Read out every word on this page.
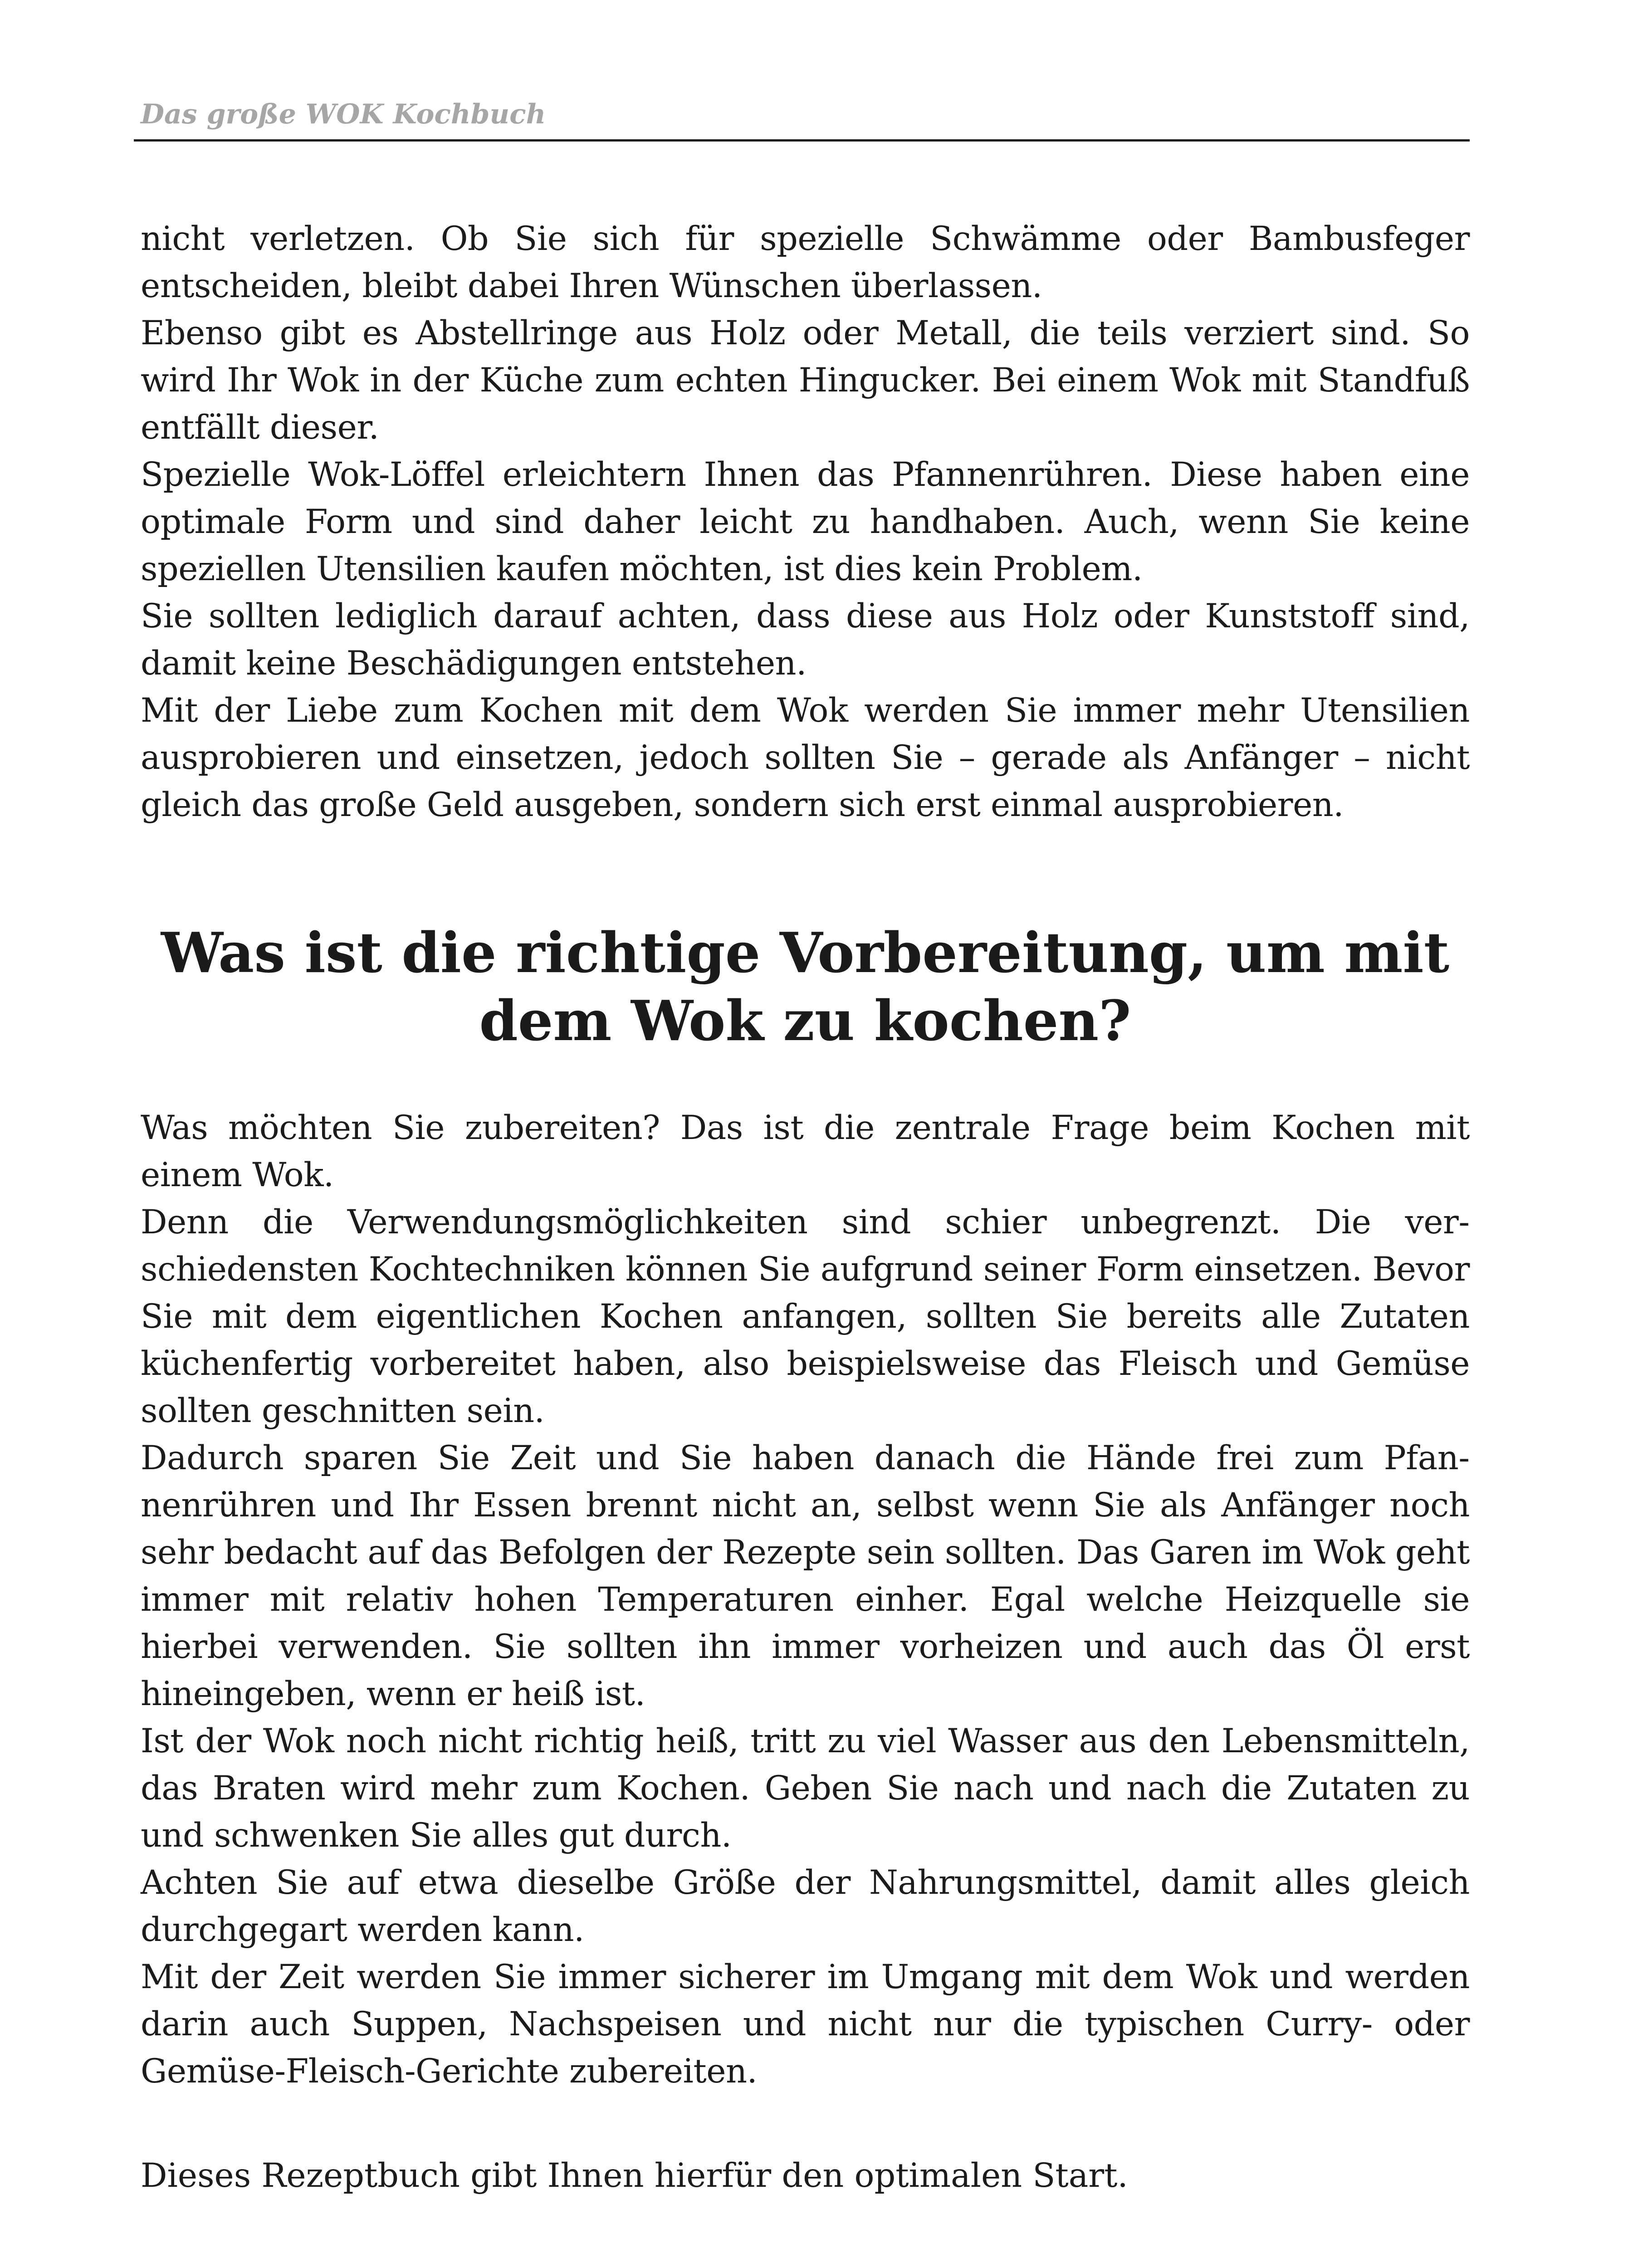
Das große WOK Kochbuch

nicht verletzen. Ob Sie sich für spezielle Schwämme oder Bambusfeger entscheiden, bleibt dabei Ihren Wünschen überlassen.

Ebenso gibt es Abstellringe aus Holz oder Metall, die teils verziert sind. So wird Ihr Wok in der Küche zum echten Hingucker. Bei einem Wok mit Standfuß entfällt dieser.

Spezielle Wok-Löffel erleichtern Ihnen das Pfannenrühren. Diese haben eine optimale Form und sind daher leicht zu handhaben. Auch, wenn Sie keine speziellen Utensilien kaufen möchten, ist dies kein Problem.

Sie sollten lediglich darauf achten, dass diese aus Holz oder Kunststoff sind, damit keine Beschädigungen entstehen.

Mit der Liebe zum Kochen mit dem Wok werden Sie immer mehr Utensilien ausprobieren und einsetzen, jedoch sollten Sie – gerade als Anfänger – nicht gleich das große Geld ausgeben, sondern sich erst einmal ausprobieren.

Was ist die richtige Vorbereitung, um mit dem Wok zu kochen?

Was möchten Sie zubereiten? Das ist die zentrale Frage beim Kochen mit einem Wok.

Denn die Verwendungsmöglichkeiten sind schier unbegrenzt. Die verschiedensten Kochtechniken können Sie aufgrund seiner Form einsetzen. Bevor Sie mit dem eigentlichen Kochen anfangen, sollten Sie bereits alle Zutaten küchenfertig vorbereitet haben, also beispielsweise das Fleisch und Gemüse sollten geschnitten sein.

Dadurch sparen Sie Zeit und Sie haben danach die Hände frei zum Pfannenrühren und Ihr Essen brennt nicht an, selbst wenn Sie als Anfänger noch sehr bedacht auf das Befolgen der Rezepte sein sollten. Das Garen im Wok geht immer mit relativ hohen Temperaturen einher. Egal welche Heizquelle sie hierbei verwenden. Sie sollten ihn immer vorheizen und auch das Öl erst hineingeben, wenn er heiß ist.

Ist der Wok noch nicht richtig heiß, tritt zu viel Wasser aus den Lebensmitteln, das Braten wird mehr zum Kochen. Geben Sie nach und nach die Zutaten zu und schwenken Sie alles gut durch.

Achten Sie auf etwa dieselbe Größe der Nahrungsmittel, damit alles gleich durchgegart werden kann.

Mit der Zeit werden Sie immer sicherer im Umgang mit dem Wok und werden darin auch Suppen, Nachspeisen und nicht nur die typischen Curry- oder Gemüse-Fleisch-Gerichte zubereiten.

Dieses Rezeptbuch gibt Ihnen hierfür den optimalen Start.
